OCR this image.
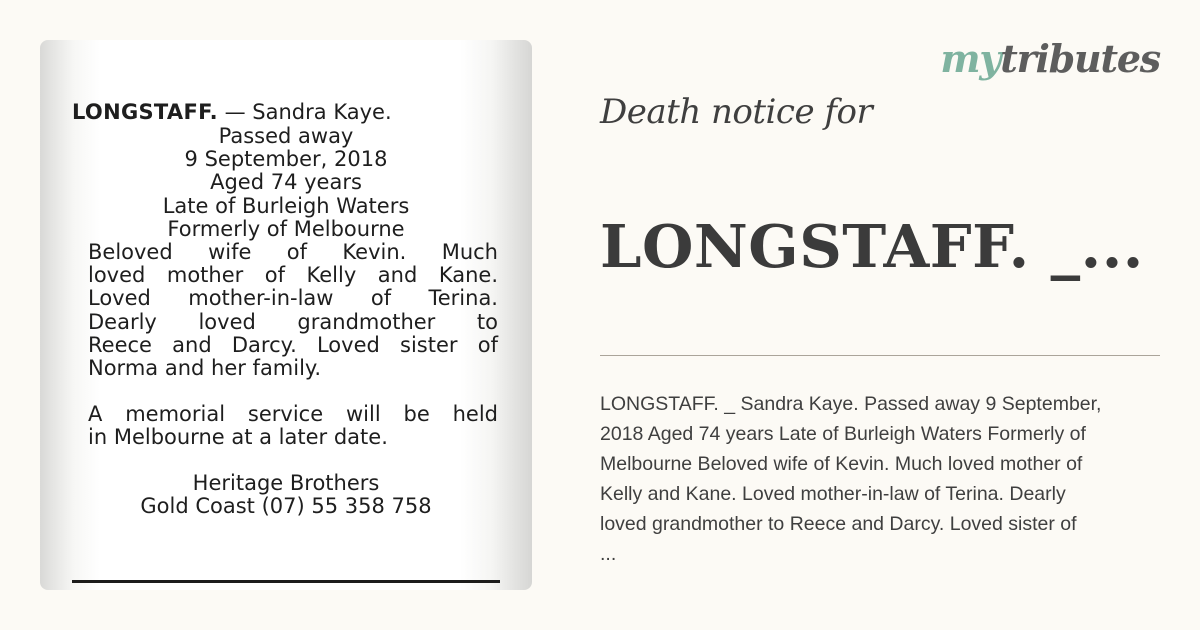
LONGSTAFF. — Sandra Kaye.
Passed away
9 September, 2018
Aged 74 years
Late of Burleigh Waters
Formerly of Melbourne
Beloved wife of Kevin. Much
loved mother of Kelly and Kane.
Loved mother-in-law of Terina.
Dearly loved grandmother to
Reece and Darcy. Loved sister of
Norma and her family.
A memorial service will be held
in Melbourne at a later date.
Heritage Brothers
Gold Coast (07) 55 358 758
mytributes
Death notice for
LONGSTAFF. _...
LONGSTAFF. _ Sandra Kaye. Passed away 9 September,
2018 Aged 74 years Late of Burleigh Waters Formerly of
Melbourne Beloved wife of Kevin. Much loved mother of
Kelly and Kane. Loved mother-in-law of Terina. Dearly
loved grandmother to Reece and Darcy. Loved sister of
...
